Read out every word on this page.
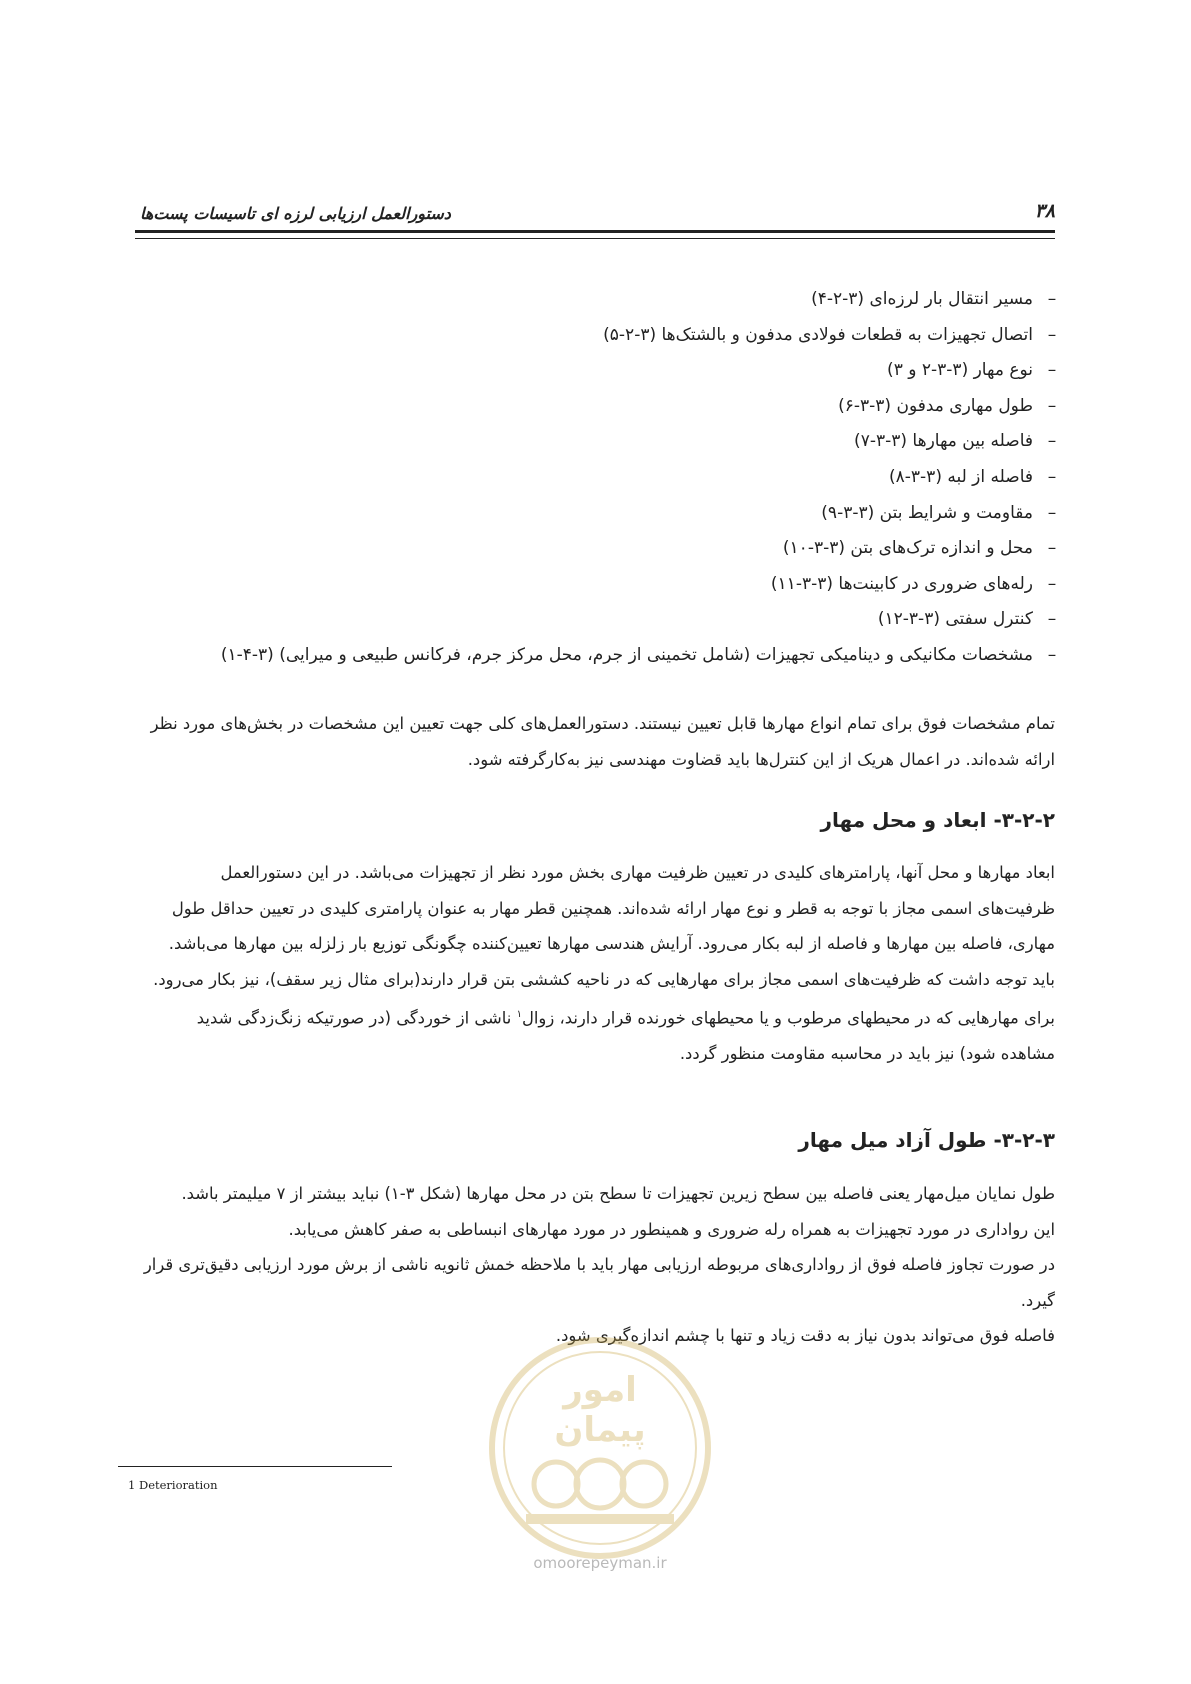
دستورالعمل ارزیابی لرزه ای تاسیسات پست‌ها	۳۸
–مسیر انتقال بار لرزه‌ای (۳-۲-۴)
–اتصال تجهیزات به قطعات فولادی مدفون و بالشتک‌ها (۳-۲-۵)
–نوع مهار (۳-۳-۲ و ۳)
–طول مهاری مدفون (۳-۳-۶)
–فاصله بین مهارها (۳-۳-۷)
–فاصله از لبه (۳-۳-۸)
–مقاومت و شرایط بتن (۳-۳-۹)
–محل و اندازه ترک‌های بتن (۳-۳-۱۰)
–رله‌های ضروری در کابینت‌ها (۳-۳-۱۱)
–کنترل سفتی (۳-۳-۱۲)
–مشخصات مکانیکی و دینامیکی تجهیزات (شامل تخمینی از جرم، محل مرکز جرم، فرکانس طبیعی و میرایی) (۳-۴-۱)

تمام مشخصات فوق برای تمام انواع مهارها قابل تعیین نیستند. دستورالعمل‌های کلی جهت تعیین این مشخصات در بخش‌های مورد نظر

ارائه شده‌اند. در اعمال هریک از این کنترل‌ها باید قضاوت مهندسی نیز به‌کارگرفته شود.

۳-۲-۲- ابعاد و محل مهار

ابعاد مهارها و محل آنها، پارامترهای کلیدی در تعیین ظرفیت مهاری بخش مورد نظر از تجهیزات می‌باشد. در این دستورالعمل

ظرفیت‌های اسمی مجاز با توجه به قطر و نوع مهار ارائه شده‌اند. همچنین قطر مهار به عنوان پارامتری کلیدی در تعیین حداقل طول

مهاری، فاصله بین مهارها و فاصله از لبه بکار می‌رود. آرایش هندسی مهارها تعیین‌کننده چگونگی توزیع بار زلزله بین مهارها می‌باشد.

باید توجه داشت که ظرفیت‌های اسمی مجاز برای مهارهایی که در ناحیه کششی بتن قرار دارند(برای مثال زیر سقف)، نیز بکار می‌رود.

برای مهارهایی که در محیطهای مرطوب و یا محیطهای خورنده قرار دارند، زوال$^۱$ ناشی از خوردگی (در صورتیکه زنگ‌زدگی شدید

مشاهده شود) نیز باید در محاسبه مقاومت منظور گردد.

۳-۲-۳- طول آزاد میل مهار

طول نمایان میل‌مهار یعنی فاصله بین سطح زیرین تجهیزات تا سطح بتن در محل مهارها (شکل ۳-۱) نباید بیشتر از ۷ میلیمتر باشد.

این رواداری در مورد تجهیزات به همراه رله ضروری و همینطور در مورد مهارهای انبساطی به صفر کاهش می‌یابد.

در صورت تجاوز فاصله فوق از رواداری‌های مربوطه ارزیابی مهار باید با ملاحظه خمش ثانویه ناشی از برش مورد ارزیابی دقیق‌تری قرار

گیرد.

فاصله فوق می‌تواند بدون نیاز به دقت زیاد و تنها با چشم اندازه‌گیری شود.

امور پیمان
omoorepeyman.ir
1 Deterioration
